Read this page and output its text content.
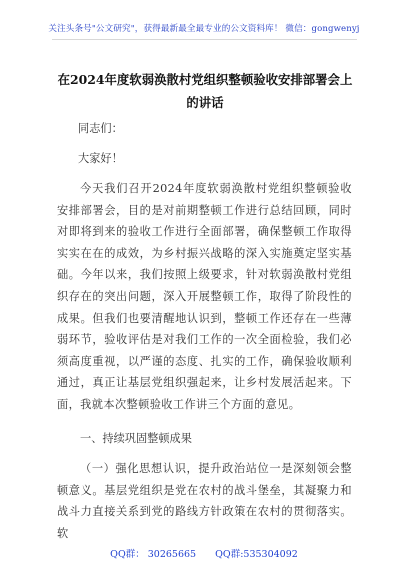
关注头条号"公文研究"，获得最新最全最专业的公文资料库！ 微信：gongwenyj
在2024年度软弱涣散村党组织整顿验收安排部署会上的讲话
同志们：
大家好！
今天我们召开2024年度软弱涣散村党组织整顿验收安排部署会，目的是对前期整顿工作进行总结回顾，同时对即将到来的验收工作进行全面部署，确保整顿工作取得实实在在的成效，为乡村振兴战略的深入实施奠定坚实基础。今年以来，我们按照上级要求，针对软弱涣散村党组织存在的突出问题，深入开展整顿工作，取得了阶段性的成果。但我们也要清醒地认识到，整顿工作还存在一些薄弱环节，验收评估是对我们工作的一次全面检验，我们必须高度重视，以严谨的态度、扎实的工作，确保验收顺利通过，真正让基层党组织强起来，让乡村发展活起来。下面，我就本次整顿验收工作讲三个方面的意见。
一、持续巩固整顿成果
（一）强化思想认识，提升政治站位一是深刻领会整顿意义。基层党组织是党在农村的战斗堡垒，其凝聚力和战斗力直接关系到党的路线方针政策在农村的贯彻落实。软
QQ群： 30265665 QQ群:535304092
